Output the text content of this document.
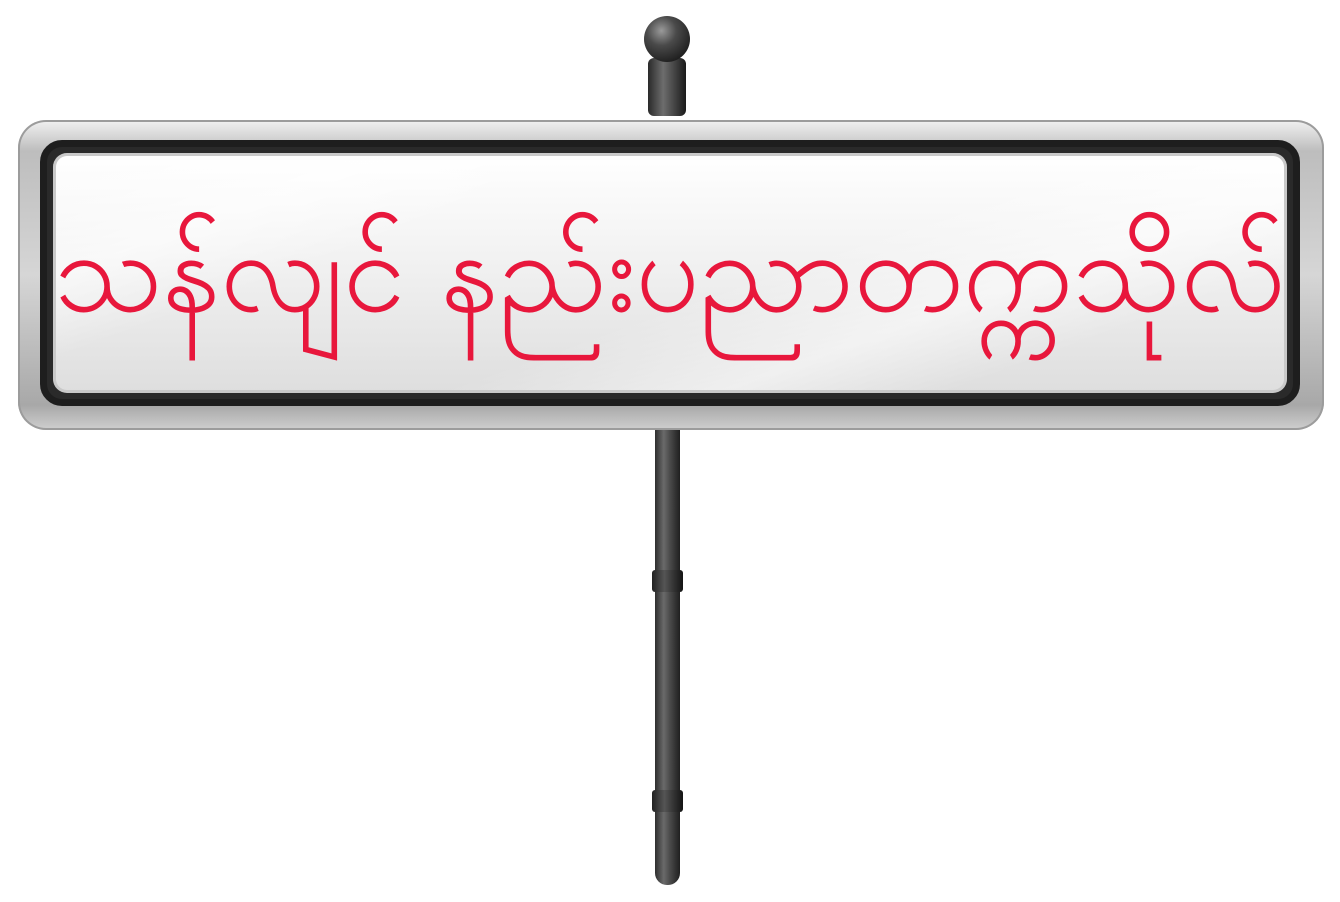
သန်လျင် နည်းပညာတက္ကသိုလ်
